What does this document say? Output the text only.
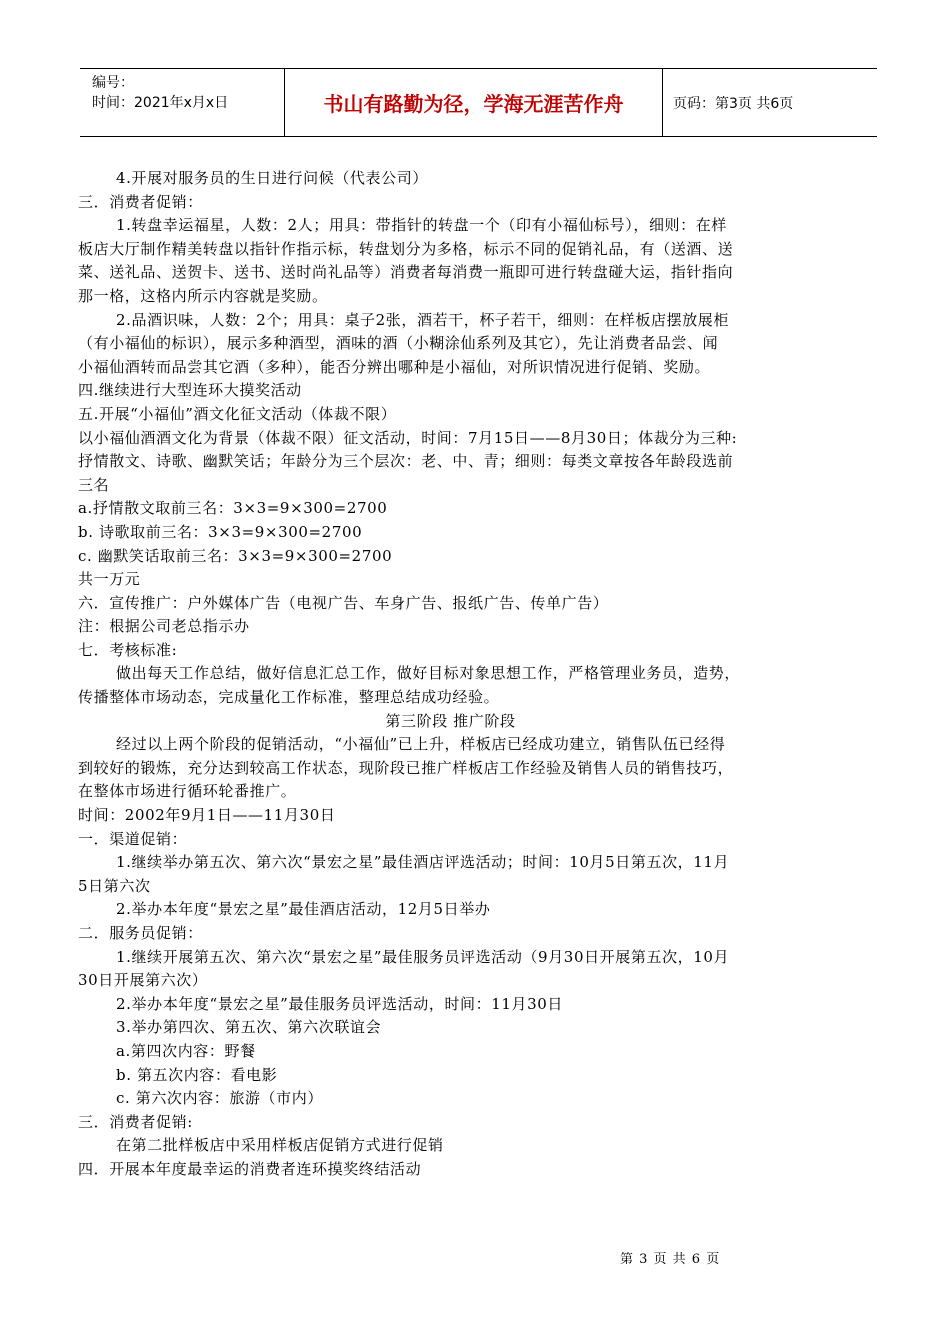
编号：
时间：2021年x月x日	书山有路勤为径，学海无涯苦作舟	页码：第3页 共6页
4.开展对服务员的生日进行问候（代表公司）
三．消费者促销：
1.转盘幸运福星，人数：2人；用具：带指针的转盘一个（印有小福仙标号），细则：在样
板店大厅制作精美转盘以指针作指示标，转盘划分为多格，标示不同的促销礼品，有（送酒、送
菜、送礼品、送贺卡、送书、送时尚礼品等）消费者每消费一瓶即可进行转盘碰大运，指针指向
那一格，这格内所示内容就是奖励。
2.品酒识味，人数：2个；用具：桌子2张，酒若干，杯子若干，细则：在样板店摆放展柜
（有小福仙的标识），展示多种酒型，酒味的酒（小糊涂仙系列及其它），先让消费者品尝、闻
小福仙酒转而品尝其它酒（多种），能否分辨出哪种是小福仙，对所识情况进行促销、奖励。
四.继续进行大型连环大摸奖活动
五.开展“小福仙”酒文化征文活动（体裁不限）
以小福仙酒酒文化为背景（体裁不限）征文活动，时间：7月15日——8月30日；体裁分为三种:
抒情散文、诗歌、幽默笑话；年龄分为三个层次：老、中、青；细则：每类文章按各年龄段选前
三名
a.抒情散文取前三名：3×3=9×300=2700
b. 诗歌取前三名：3×3=9×300=2700
c. 幽默笑话取前三名：3×3=9×300=2700
共一万元
六．宣传推广：户外媒体广告（电视广告、车身广告、报纸广告、传单广告）
注：根据公司老总指示办
七．考核标准:
做出每天工作总结，做好信息汇总工作，做好目标对象思想工作，严格管理业务员，造势，
传播整体市场动态，完成量化工作标准，整理总结成功经验。
第三阶段 推广阶段
经过以上两个阶段的促销活动，“小福仙”已上升，样板店已经成功建立，销售队伍已经得
到较好的锻炼，充分达到较高工作状态，现阶段已推广样板店工作经验及销售人员的销售技巧，
在整体市场进行循环轮番推广。
时间：2002年9月1日——11月30日
一．渠道促销：
1.继续举办第五次、第六次“景宏之星”最佳酒店评选活动；时间：10月5日第五次，11月
5日第六次
2.举办本年度“景宏之星”最佳酒店活动，12月5日举办
二．服务员促销：
1.继续开展第五次、第六次“景宏之星”最佳服务员评选活动（9月30日开展第五次，10月
30日开展第六次）
2.举办本年度“景宏之星”最佳服务员评选活动，时间：11月30日
3.举办第四次、第五次、第六次联谊会
a.第四次内容：野餐
b. 第五次内容：看电影
c. 第六次内容：旅游（市内）
三．消费者促销:
在第二批样板店中采用样板店促销方式进行促销
四．开展本年度最幸运的消费者连环摸奖终结活动
第 3 页 共 6 页
